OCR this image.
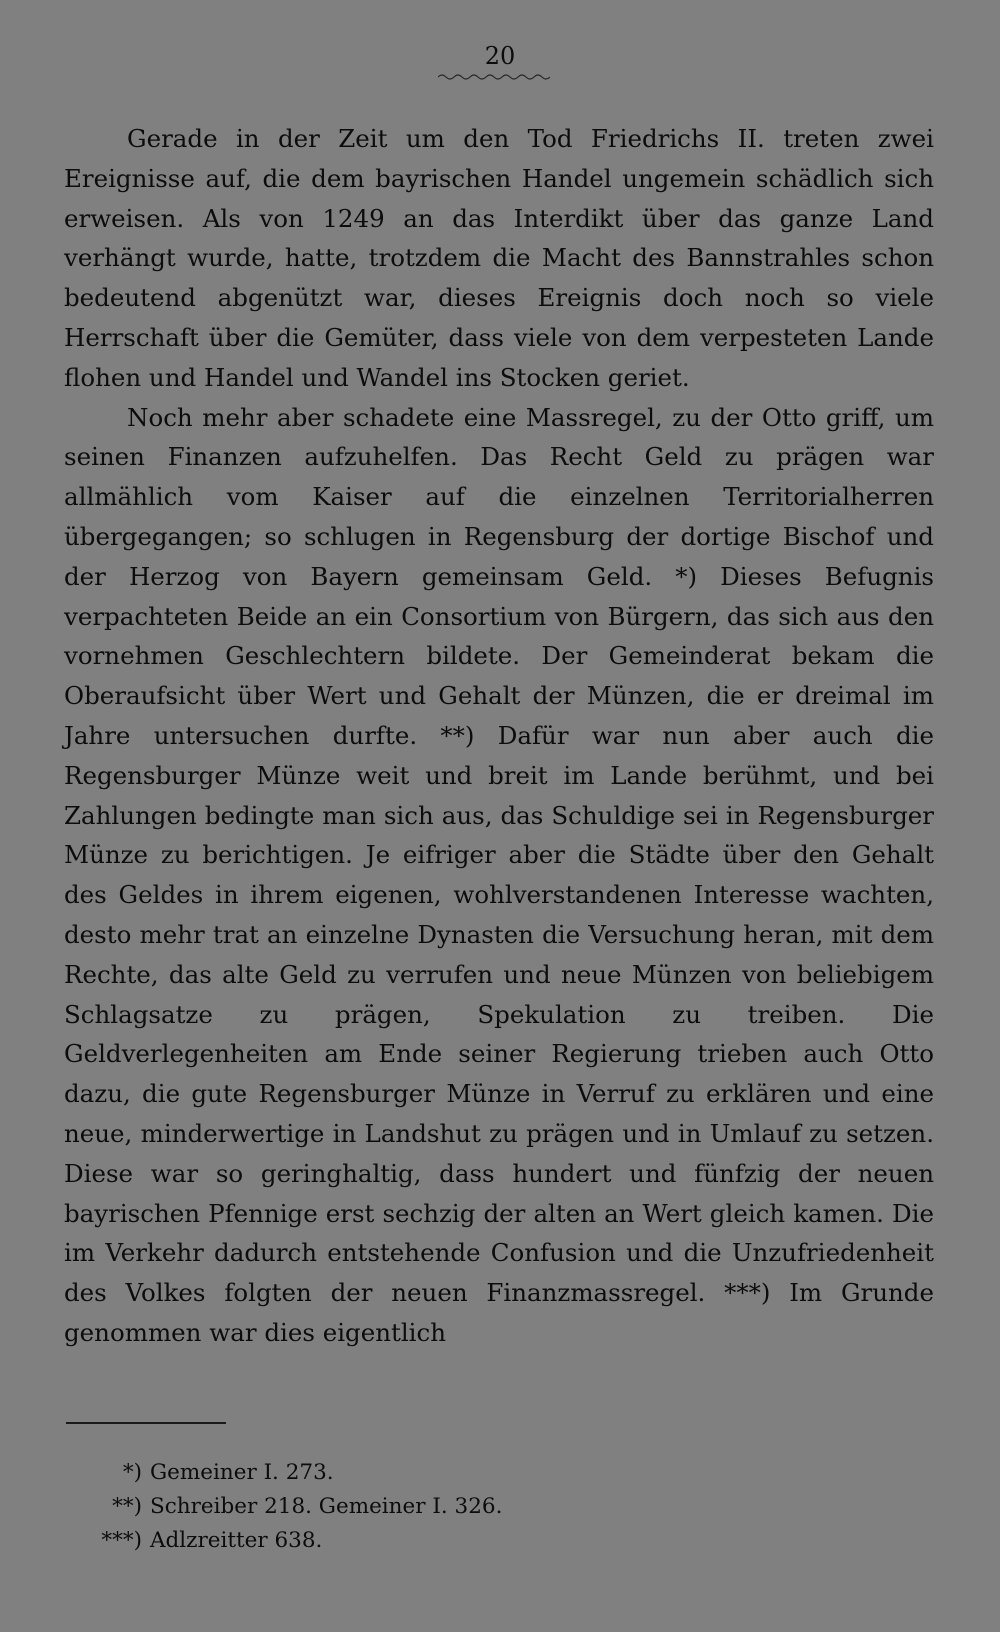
20

Gerade in der Zeit um den Tod Friedrichs II. treten zwei Ereignisse auf, die dem bayrischen Handel ungemein schädlich sich erweisen. Als von 1249 an das Interdikt über das ganze Land verhängt wurde, hatte, trotzdem die Macht des Bannstrahles schon bedeutend abgenützt war, dieses Ereignis doch noch so viele Herrschaft über die Gemüter, dass viele von dem verpesteten Lande flohen und Handel und Wandel ins Stocken geriet.

Noch mehr aber schadete eine Massregel, zu der Otto griff, um seinen Finanzen aufzuhelfen. Das Recht Geld zu prägen war allmählich vom Kaiser auf die einzelnen Territorialherren übergegangen; so schlugen in Regensburg der dortige Bischof und der Herzog von Bayern gemeinsam Geld. *) Dieses Befugnis verpachteten Beide an ein Consortium von Bürgern, das sich aus den vornehmen Geschlechtern bildete. Der Gemeinderat bekam die Oberaufsicht über Wert und Gehalt der Münzen, die er dreimal im Jahre untersuchen durfte. **) Dafür war nun aber auch die Regensburger Münze weit und breit im Lande berühmt, und bei Zahlungen bedingte man sich aus, das Schuldige sei in Regensburger Münze zu berichtigen. Je eifriger aber die Städte über den Gehalt des Geldes in ihrem eigenen, wohlverstandenen Interesse wachten, desto mehr trat an einzelne Dynasten die Versuchung heran, mit dem Rechte, das alte Geld zu verrufen und neue Münzen von beliebigem Schlagsatze zu prägen, Spekulation zu treiben. Die Geldverlegenheiten am Ende seiner Regierung trieben auch Otto dazu, die gute Regensburger Münze in Verruf zu erklären und eine neue, minderwertige in Landshut zu prägen und in Umlauf zu setzen. Diese war so geringhaltig, dass hundert und fünfzig der neuen bayrischen Pfennige erst sechzig der alten an Wert gleich kamen. Die im Verkehr dadurch entstehende Confusion und die Unzufriedenheit des Volkes folgten der neuen Finanzmassregel. ***) Im Grunde genommen war dies eigentlich

*) Gemeiner I. 273.
**) Schreiber 218. Gemeiner I. 326.
***) Adlzreitter 638.
